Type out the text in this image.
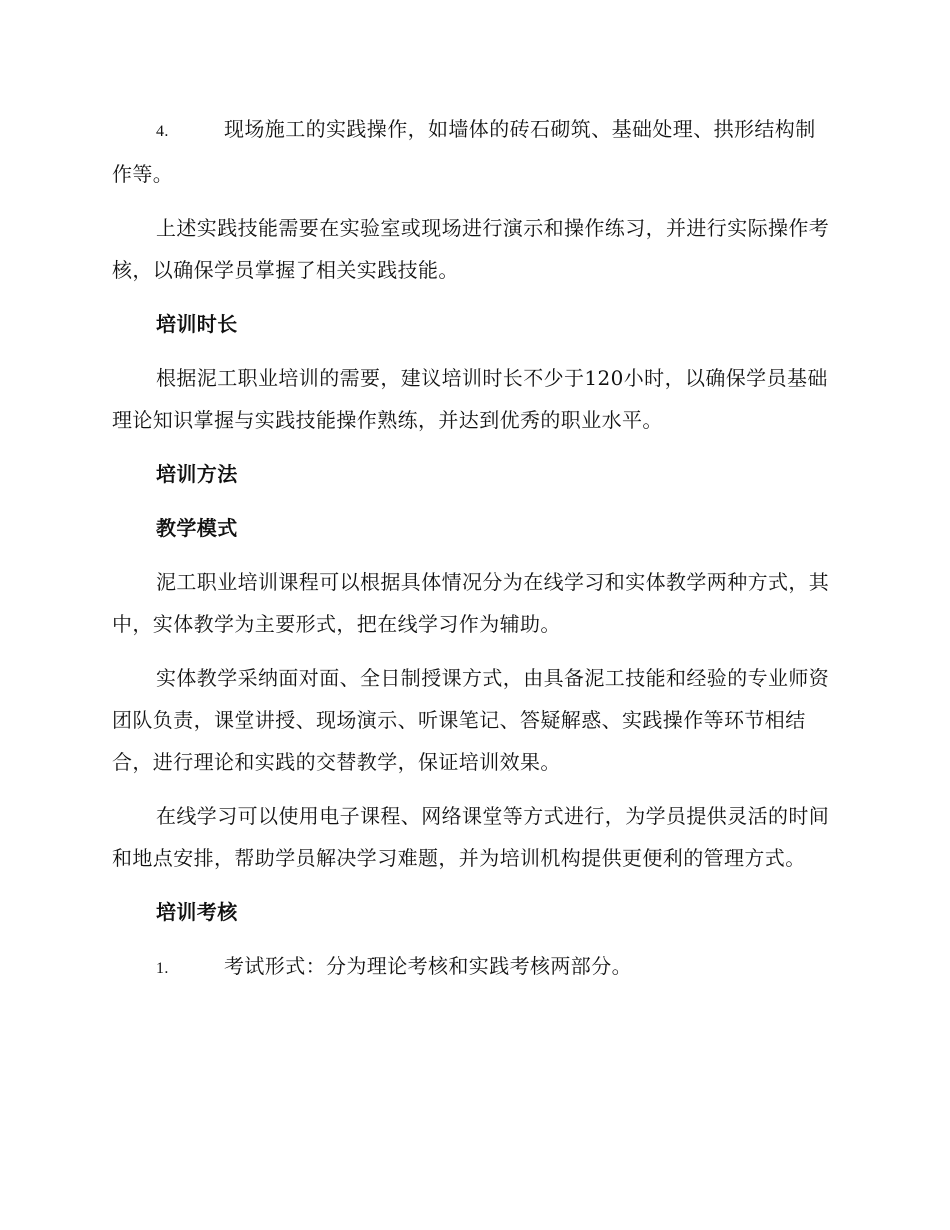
4.	现场施工的实践操作，如墙体的砖石砌筑、基础处理、拱形结构制作等。

上述实践技能需要在实验室或现场进行演示和操作练习，并进行实际操作考核，以确保学员掌握了相关实践技能。

培训时长

根据泥工职业培训的需要，建议培训时长不少于120小时，以确保学员基础理论知识掌握与实践技能操作熟练，并达到优秀的职业水平。

培训方法

教学模式

泥工职业培训课程可以根据具体情况分为在线学习和实体教学两种方式，其中，实体教学为主要形式，把在线学习作为辅助。

实体教学采纳面对面、全日制授课方式，由具备泥工技能和经验的专业师资团队负责，课堂讲授、现场演示、听课笔记、答疑解惑、实践操作等环节相结合，进行理论和实践的交替教学，保证培训效果。

在线学习可以使用电子课程、网络课堂等方式进行，为学员提供灵活的时间和地点安排，帮助学员解决学习难题，并为培训机构提供更便利的管理方式。

培训考核

1.	考试形式：分为理论考核和实践考核两部分。
